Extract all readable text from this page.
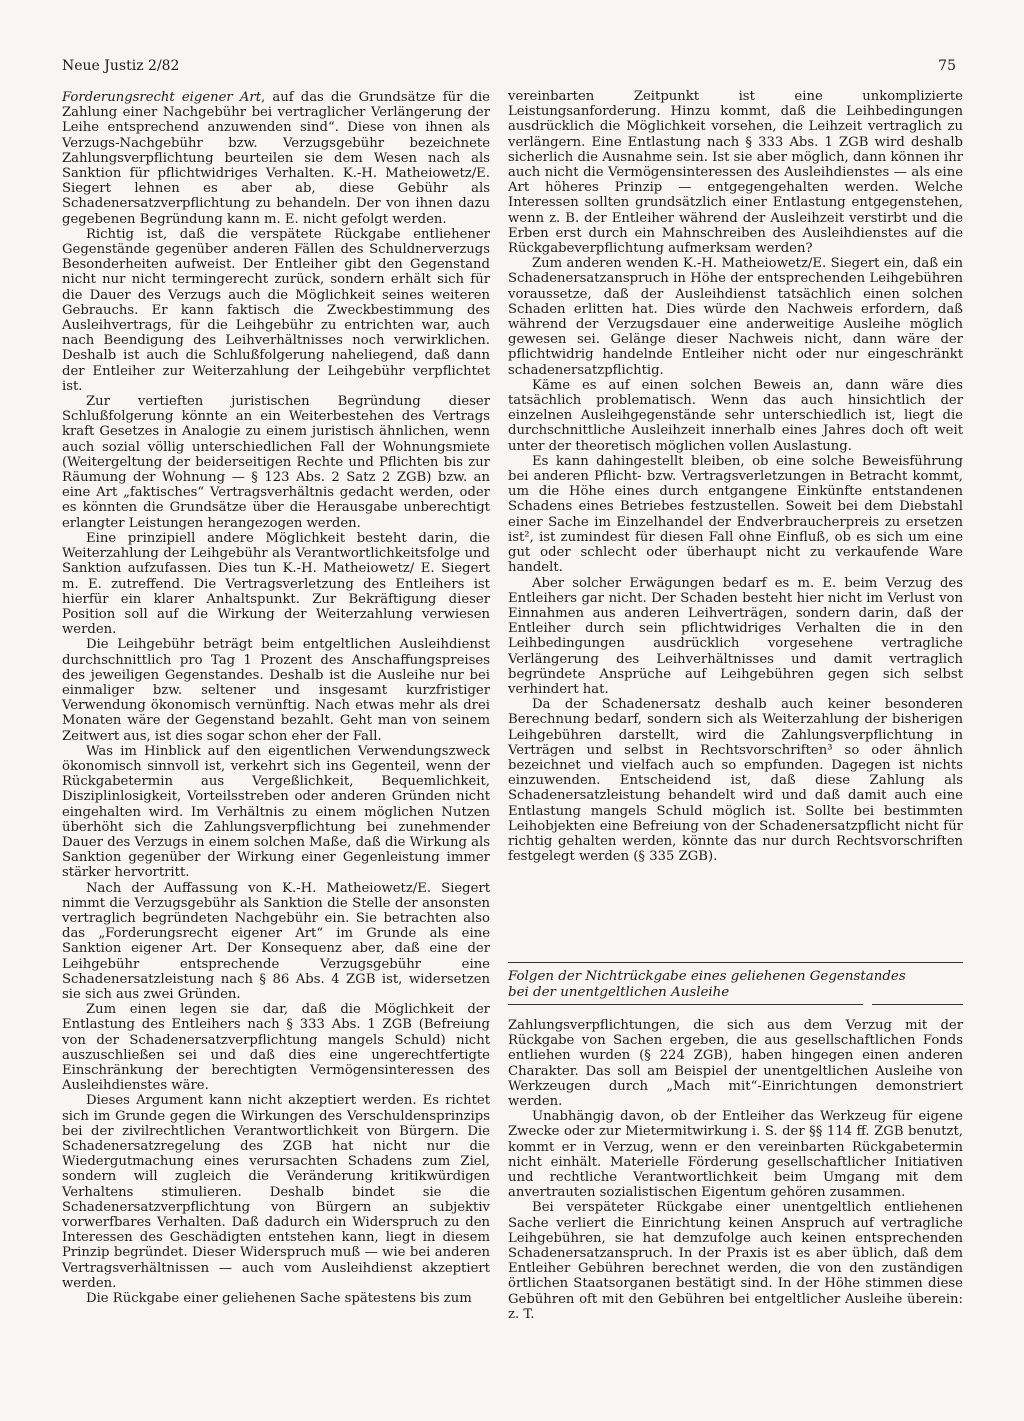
Neue Justiz 2/82	75

Forderungsrecht eigener Art, auf das die Grundsätze für die Zahlung einer Nachgebühr bei vertraglicher Verlängerung der Leihe entsprechend anzuwenden sind“. Diese von ihnen als Verzugs-Nachgebühr bzw. Verzugsgebühr bezeichnete Zahlungsverpflichtung beurteilen sie dem Wesen nach als Sanktion für pflichtwidriges Verhalten. K.-H. Matheiowetz/E. Siegert lehnen es aber ab, diese Gebühr als Schadenersatzverpflichtung zu behandeln. Der von ihnen dazu gegebenen Begründung kann m. E. nicht gefolgt werden.

Richtig ist, daß die verspätete Rückgabe entliehener Gegenstände gegenüber anderen Fällen des Schuldnerverzugs Besonderheiten aufweist. Der Entleiher gibt den Gegenstand nicht nur nicht termingerecht zurück, sondern erhält sich für die Dauer des Verzugs auch die Möglichkeit seines weiteren Gebrauchs. Er kann faktisch die Zweckbestimmung des Ausleihvertrags, für die Leihgebühr zu entrichten war, auch nach Beendigung des Leihverhältnisses noch verwirklichen. Deshalb ist auch die Schlußfolgerung naheliegend, daß dann der Entleiher zur Weiterzahlung der Leihgebühr verpflichtet ist.

Zur vertieften juristischen Begründung dieser Schlußfolgerung könnte an ein Weiterbestehen des Vertrags kraft Gesetzes in Analogie zu einem juristisch ähnlichen, wenn auch sozial völlig unterschiedlichen Fall der Wohnungsmiete (Weitergeltung der beiderseitigen Rechte und Pflichten bis zur Räumung der Wohnung — § 123 Abs. 2 Satz 2 ZGB) bzw. an eine Art „faktisches“ Vertragsverhältnis gedacht werden, oder es könnten die Grundsätze über die Herausgabe unberechtigt erlangter Leistungen herangezogen werden.

Eine prinzipiell andere Möglichkeit besteht darin, die Weiterzahlung der Leihgebühr als Verantwortlichkeitsfolge und Sanktion aufzufassen. Dies tun K.-H. Matheiowetz/ E. Siegert m. E. zutreffend. Die Vertragsverletzung des Entleihers ist hierfür ein klarer Anhaltspunkt. Zur Bekräftigung dieser Position soll auf die Wirkung der Weiterzahlung verwiesen werden.

Die Leihgebühr beträgt beim entgeltlichen Ausleihdienst durchschnittlich pro Tag 1 Prozent des Anschaffungspreises des jeweiligen Gegenstandes. Deshalb ist die Ausleihe nur bei einmaliger bzw. seltener und insgesamt kurzfristiger Verwendung ökonomisch vernünftig. Nach etwas mehr als drei Monaten wäre der Gegenstand bezahlt. Geht man von seinem Zeitwert aus, ist dies sogar schon eher der Fall.

Was im Hinblick auf den eigentlichen Verwendungszweck ökonomisch sinnvoll ist, verkehrt sich ins Gegenteil, wenn der Rückgabetermin aus Vergeßlichkeit, Bequemlichkeit, Disziplinlosigkeit, Vorteilsstreben oder anderen Gründen nicht eingehalten wird. Im Verhältnis zu einem möglichen Nutzen überhöht sich die Zahlungsverpflichtung bei zunehmender Dauer des Verzugs in einem solchen Maße, daß die Wirkung als Sanktion gegenüber der Wirkung einer Gegenleistung immer stärker hervortritt.

Nach der Auffassung von K.-H. Matheiowetz/E. Siegert nimmt die Verzugsgebühr als Sanktion die Stelle der ansonsten vertraglich begründeten Nachgebühr ein. Sie betrachten also das „Forderungsrecht eigener Art“ im Grunde als eine Sanktion eigener Art. Der Konsequenz aber, daß eine der Leihgebühr entsprechende Verzugsgebühr eine Schadenersatzleistung nach § 86 Abs. 4 ZGB ist, widersetzen sie sich aus zwei Gründen.

Zum einen legen sie dar, daß die Möglichkeit der Entlastung des Entleihers nach § 333 Abs. 1 ZGB (Befreiung von der Schadenersatzverpflichtung mangels Schuld) nicht auszuschließen sei und daß dies eine ungerechtfertigte Einschränkung der berechtigten Vermögensinteressen des Ausleihdienstes wäre.

Dieses Argument kann nicht akzeptiert werden. Es richtet sich im Grunde gegen die Wirkungen des Verschuldensprinzips bei der zivilrechtlichen Verantwortlichkeit von Bürgern. Die Schadenersatzregelung des ZGB hat nicht nur die Wiedergutmachung eines verursachten Schadens zum Ziel, sondern will zugleich die Veränderung kritikwürdigen Verhaltens stimulieren. Deshalb bindet sie die Schadenersatzverpflichtung von Bürgern an subjektiv vorwerfbares Verhalten. Daß dadurch ein Widerspruch zu den Interessen des Geschädigten entstehen kann, liegt in diesem Prinzip begründet. Dieser Widerspruch muß — wie bei anderen Vertragsverhältnissen — auch vom Ausleihdienst akzeptiert werden.

Die Rückgabe einer geliehenen Sache spätestens bis zum

vereinbarten Zeitpunkt ist eine unkomplizierte Leistungsanforderung. Hinzu kommt, daß die Leihbedingungen ausdrücklich die Möglichkeit vorsehen, die Leihzeit vertraglich zu verlängern. Eine Entlastung nach § 333 Abs. 1 ZGB wird deshalb sicherlich die Ausnahme sein. Ist sie aber möglich, dann können ihr auch nicht die Vermögensinteressen des Ausleihdienstes — als eine Art höheres Prinzip — entgegengehalten werden. Welche Interessen sollten grundsätzlich einer Entlastung entgegenstehen, wenn z. B. der Entleiher während der Ausleihzeit verstirbt und die Erben erst durch ein Mahnschreiben des Ausleihdienstes auf die Rückgabeverpflichtung aufmerksam werden?

Zum anderen wenden K.-H. Matheiowetz/E. Siegert ein, daß ein Schadenersatzanspruch in Höhe der entsprechenden Leihgebühren voraussetze, daß der Ausleihdienst tatsächlich einen solchen Schaden erlitten hat. Dies würde den Nachweis erfordern, daß während der Verzugsdauer eine anderweitige Ausleihe möglich gewesen sei. Gelänge dieser Nachweis nicht, dann wäre der pflichtwidrig handelnde Entleiher nicht oder nur eingeschränkt schadenersatzpflichtig.

Käme es auf einen solchen Beweis an, dann wäre dies tatsächlich problematisch. Wenn das auch hinsichtlich der einzelnen Ausleihgegenstände sehr unterschiedlich ist, liegt die durchschnittliche Ausleihzeit innerhalb eines Jahres doch oft weit unter der theoretisch möglichen vollen Auslastung.

Es kann dahingestellt bleiben, ob eine solche Beweisführung bei anderen Pflicht- bzw. Vertragsverletzungen in Betracht kommt, um die Höhe eines durch entgangene Einkünfte entstandenen Schadens eines Betriebes festzustellen. Soweit bei dem Diebstahl einer Sache im Einzelhandel der Endverbraucherpreis zu ersetzen ist², ist zumindest für diesen Fall ohne Einfluß, ob es sich um eine gut oder schlecht oder überhaupt nicht zu verkaufende Ware handelt.

Aber solcher Erwägungen bedarf es m. E. beim Verzug des Entleihers gar nicht. Der Schaden besteht hier nicht im Verlust von Einnahmen aus anderen Leihverträgen, sondern darin, daß der Entleiher durch sein pflichtwidriges Verhalten die in den Leihbedingungen ausdrücklich vorgesehene vertragliche Verlängerung des Leihverhältnisses und damit vertraglich begründete Ansprüche auf Leihgebühren gegen sich selbst verhindert hat.

Da der Schadenersatz deshalb auch keiner besonderen Berechnung bedarf, sondern sich als Weiterzahlung der bisherigen Leihgebühren darstellt, wird die Zahlungsverpflichtung in Verträgen und selbst in Rechtsvorschriften³ so oder ähnlich bezeichnet und vielfach auch so empfunden. Dagegen ist nichts einzuwenden. Entscheidend ist, daß diese Zahlung als Schadenersatzleistung behandelt wird und daß damit auch eine Entlastung mangels Schuld möglich ist. Sollte bei bestimmten Leihobjekten eine Befreiung von der Schadenersatzpflicht nicht für richtig gehalten werden, könnte das nur durch Rechtsvorschriften festgelegt werden (§ 335 ZGB).

Folgen der Nichtrückgabe eines geliehenen Gegenstandes
bei der unentgeltlichen Ausleihe

Zahlungsverpflichtungen, die sich aus dem Verzug mit der Rückgabe von Sachen ergeben, die aus gesellschaftlichen Fonds entliehen wurden (§ 224 ZGB), haben hingegen einen anderen Charakter. Das soll am Beispiel der unentgeltlichen Ausleihe von Werkzeugen durch „Mach mit“-Einrichtungen demonstriert werden.

Unabhängig davon, ob der Entleiher das Werkzeug für eigene Zwecke oder zur Mietermitwirkung i. S. der §§ 114 ff. ZGB benutzt, kommt er in Verzug, wenn er den vereinbarten Rückgabetermin nicht einhält. Materielle Förderung gesellschaftlicher Initiativen und rechtliche Verantwortlichkeit beim Umgang mit dem anvertrauten sozialistischen Eigentum gehören zusammen.

Bei verspäteter Rückgabe einer unentgeltlich entliehenen Sache verliert die Einrichtung keinen Anspruch auf vertragliche Leihgebühren, sie hat demzufolge auch keinen entsprechenden Schadenersatzanspruch. In der Praxis ist es aber üblich, daß dem Entleiher Gebühren berechnet werden, die von den zuständigen örtlichen Staatsorganen bestätigt sind. In der Höhe stimmen diese Gebühren oft mit den Gebühren bei entgeltlicher Ausleihe überein: z. T.
